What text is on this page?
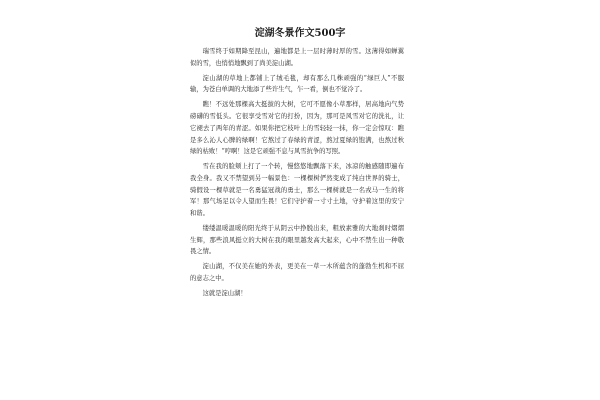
淀湖冬景作文500字

瑞雪终于如期降至昆山，遍地都是上一层时薄时厚的雪。这薄得如蝉翼似的雪，也悄悄地飘到了尚美淀山湖。

淀山湖的草地上都铺上了绒毛毯，却有那么几株顽强的“绿巨人”不服输，为苍白单调的大地添了些许生气，乍一看，倒也不觉冷了。

瞧！不远处那棵高大挺拔的大树，它可不愿像小草那样，居高地向气势磅礴的雪低头。它很享受雪对它的打扮，因为，那可是风雪对它的洗礼，让它褪去了两年的青涩。如果你把它枝叶上的雪轻轻一抹，你一定会惊叹：瞧是多么沁人心脾的绿啊！它熬过了春绿的青涩，熬过夏绿的饱满，也熬过秋绿的枯败！“哼啊！这是它顽强不息与风雪抗争的写照。

雪在我的脸颊上打了一个转，慢悠悠地飘落下来，冰凉的触感随即遍布我全身。我又不禁望到另一幅景色：一棵棵树俨然变成了纯白世界的骑士，骑假设一棵草就是一名勇猛冠战的勇士，那么一棵树就是一名戎马一生的将军！那气场足以令人望而生畏！它们守护着一寸寸土地，守护着这里的安宁和谐。

缕缕温暖温暖的阳光终于从阴云中挣脱出来，粗放素雅的大地刹时熠熠生辉，那些浪风挺立的大树在我的眼里越发高大起来，心中不禁生出一种敬畏之情。

淀山湖，不仅美在她的外表，更美在一草一木所蕴含的蓬勃生机和不屈的意志之中。

这就是淀山湖！
